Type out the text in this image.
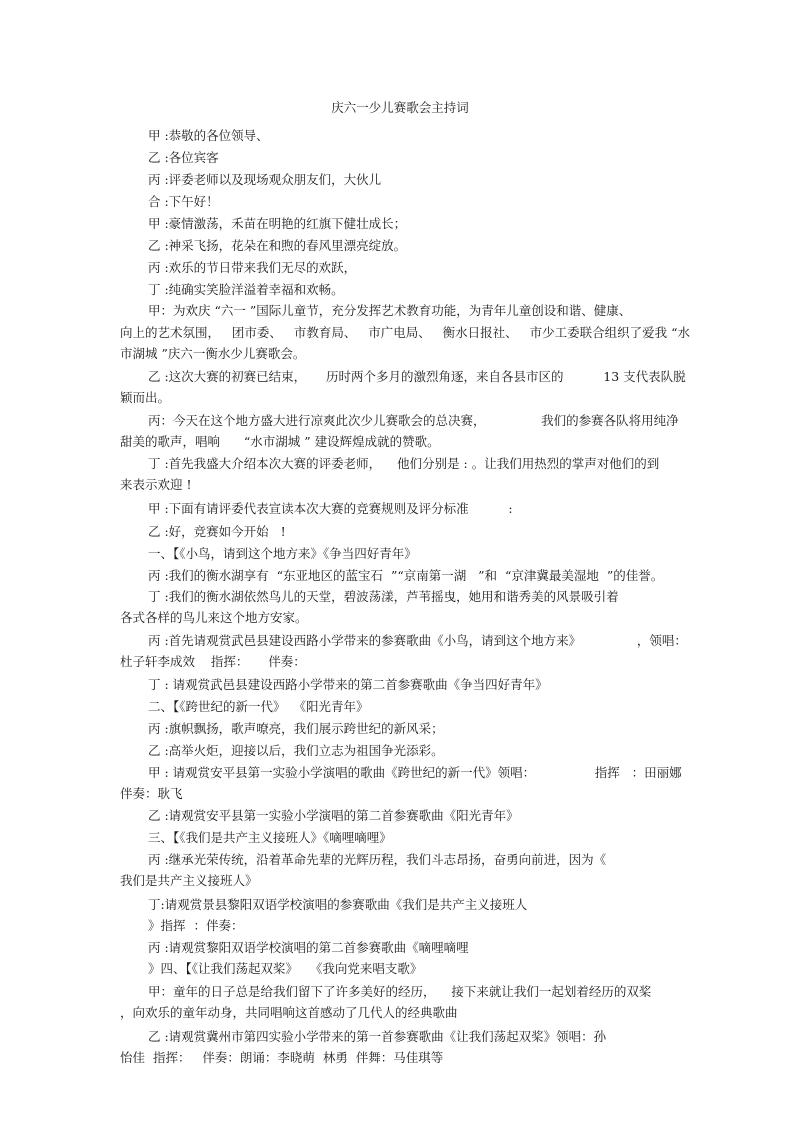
庆六一少儿赛歌会主持词
甲 :恭敬的各位领导、
乙 :各位宾客
丙 :评委老师以及现场观众朋友们，大伙儿
合 :下午好！
甲 :豪情激荡，禾苗在明艳的红旗下健壮成长；
乙 :神采飞扬，花朵在和煦的春风里漂亮绽放。
丙 :欢乐的节日带来我们无尽的欢跃，
丁 :纯确实笑脸洋溢着幸福和欢畅。
甲：为欢庆 “六一 ”国际儿童节，充分发挥艺术教育功能，为青年儿童创设和谐、健康、
向上的艺术氛围，   团市委、   市教育局、   市广电局、   衡水日报社、   市少工委联合组织了爱我 “水
市湖城 ”庆六一衡水少儿赛歌会。
乙 :这次大赛的初赛已结束，     历时两个多月的激烈角逐，来自各县市区的          13 支代表队脱
颖而出。
丙：今天在这个地方盛大进行凉爽此次少儿赛歌会的总决赛，              我们的参赛各队将用纯净
甜美的歌声，唱响      “水市湖城 ” 建设辉煌成就的赞歌。
丁 :首先我盛大介绍本次大赛的评委老师，    他们分别是 : 。让我们用热烈的掌声对他们的到
来表示欢迎 !
甲 :下面有请评委代表宣读本次大赛的竞赛规则及评分标准          :
乙 :好，竞赛如今开始   !
一、【《小鸟，请到这个地方来》《争当四好青年》
丙 :我们的衡水湖享有  “东亚地区的蓝宝石  ”“京南第一湖   ”和  “京津冀最美湿地  ”的佳誉。
丁 :我们的衡水湖依然鸟儿的天堂，碧波荡漾，芦苇摇曳，她用和谐秀美的风景吸引着
各式各样的鸟儿来这个地方安家。
丙 :首先请观赏武邑县建设西路小学带来的参赛歌曲《小鸟，请到这个地方来》              ，领唱：
杜子轩李成效    指挥：     伴奏：
丁 : 请观赏武邑县建设西路小学带来的第二首参赛歌曲《争当四好青年》
二、【《跨世纪的新一代》  《阳光青年》
丙 :旗帜飘扬，歌声嘹亮，我们展示跨世纪的新风采；
乙 :高举火炬，迎接以后，我们立志为祖国争光添彩。
甲 : 请观赏安平县第一实验小学演唱的歌曲《跨世纪的新一代》领唱：               指挥   ：田丽娜
伴奏：耿飞
乙 :请观赏安平县第一实验小学演唱的第二首参赛歌曲《阳光青年》
三、【《我们是共产主义接班人》《嘀哩嘀哩》
丙 :继承光荣传统，沿着革命先辈的光辉历程，我们斗志昂扬，奋勇向前进，因为《
我们是共产主义接班人》
丁:请观赏景县黎阳双语学校演唱的参赛歌曲《我们是共产主义接班人
》指挥  ：伴奏：
丙 :请观赏黎阳双语学校演唱的第二首参赛歌曲《嘀哩嘀哩
》四、【《让我们荡起双桨》   《我向党来唱支歌》
甲：童年的日子总是给我们留下了许多美好的经历，    接下来就让我们一起划着经历的双桨
，向欢乐的童年动身，共同唱响这首感动了几代人的经典歌曲
乙 :请观赏冀州市第四实验小学带来的第一首参赛歌曲《让我们荡起双桨》领唱：孙
怡佳  指挥：   伴奏：朗诵：李晓萌  林勇  伴舞：马佳琪等
